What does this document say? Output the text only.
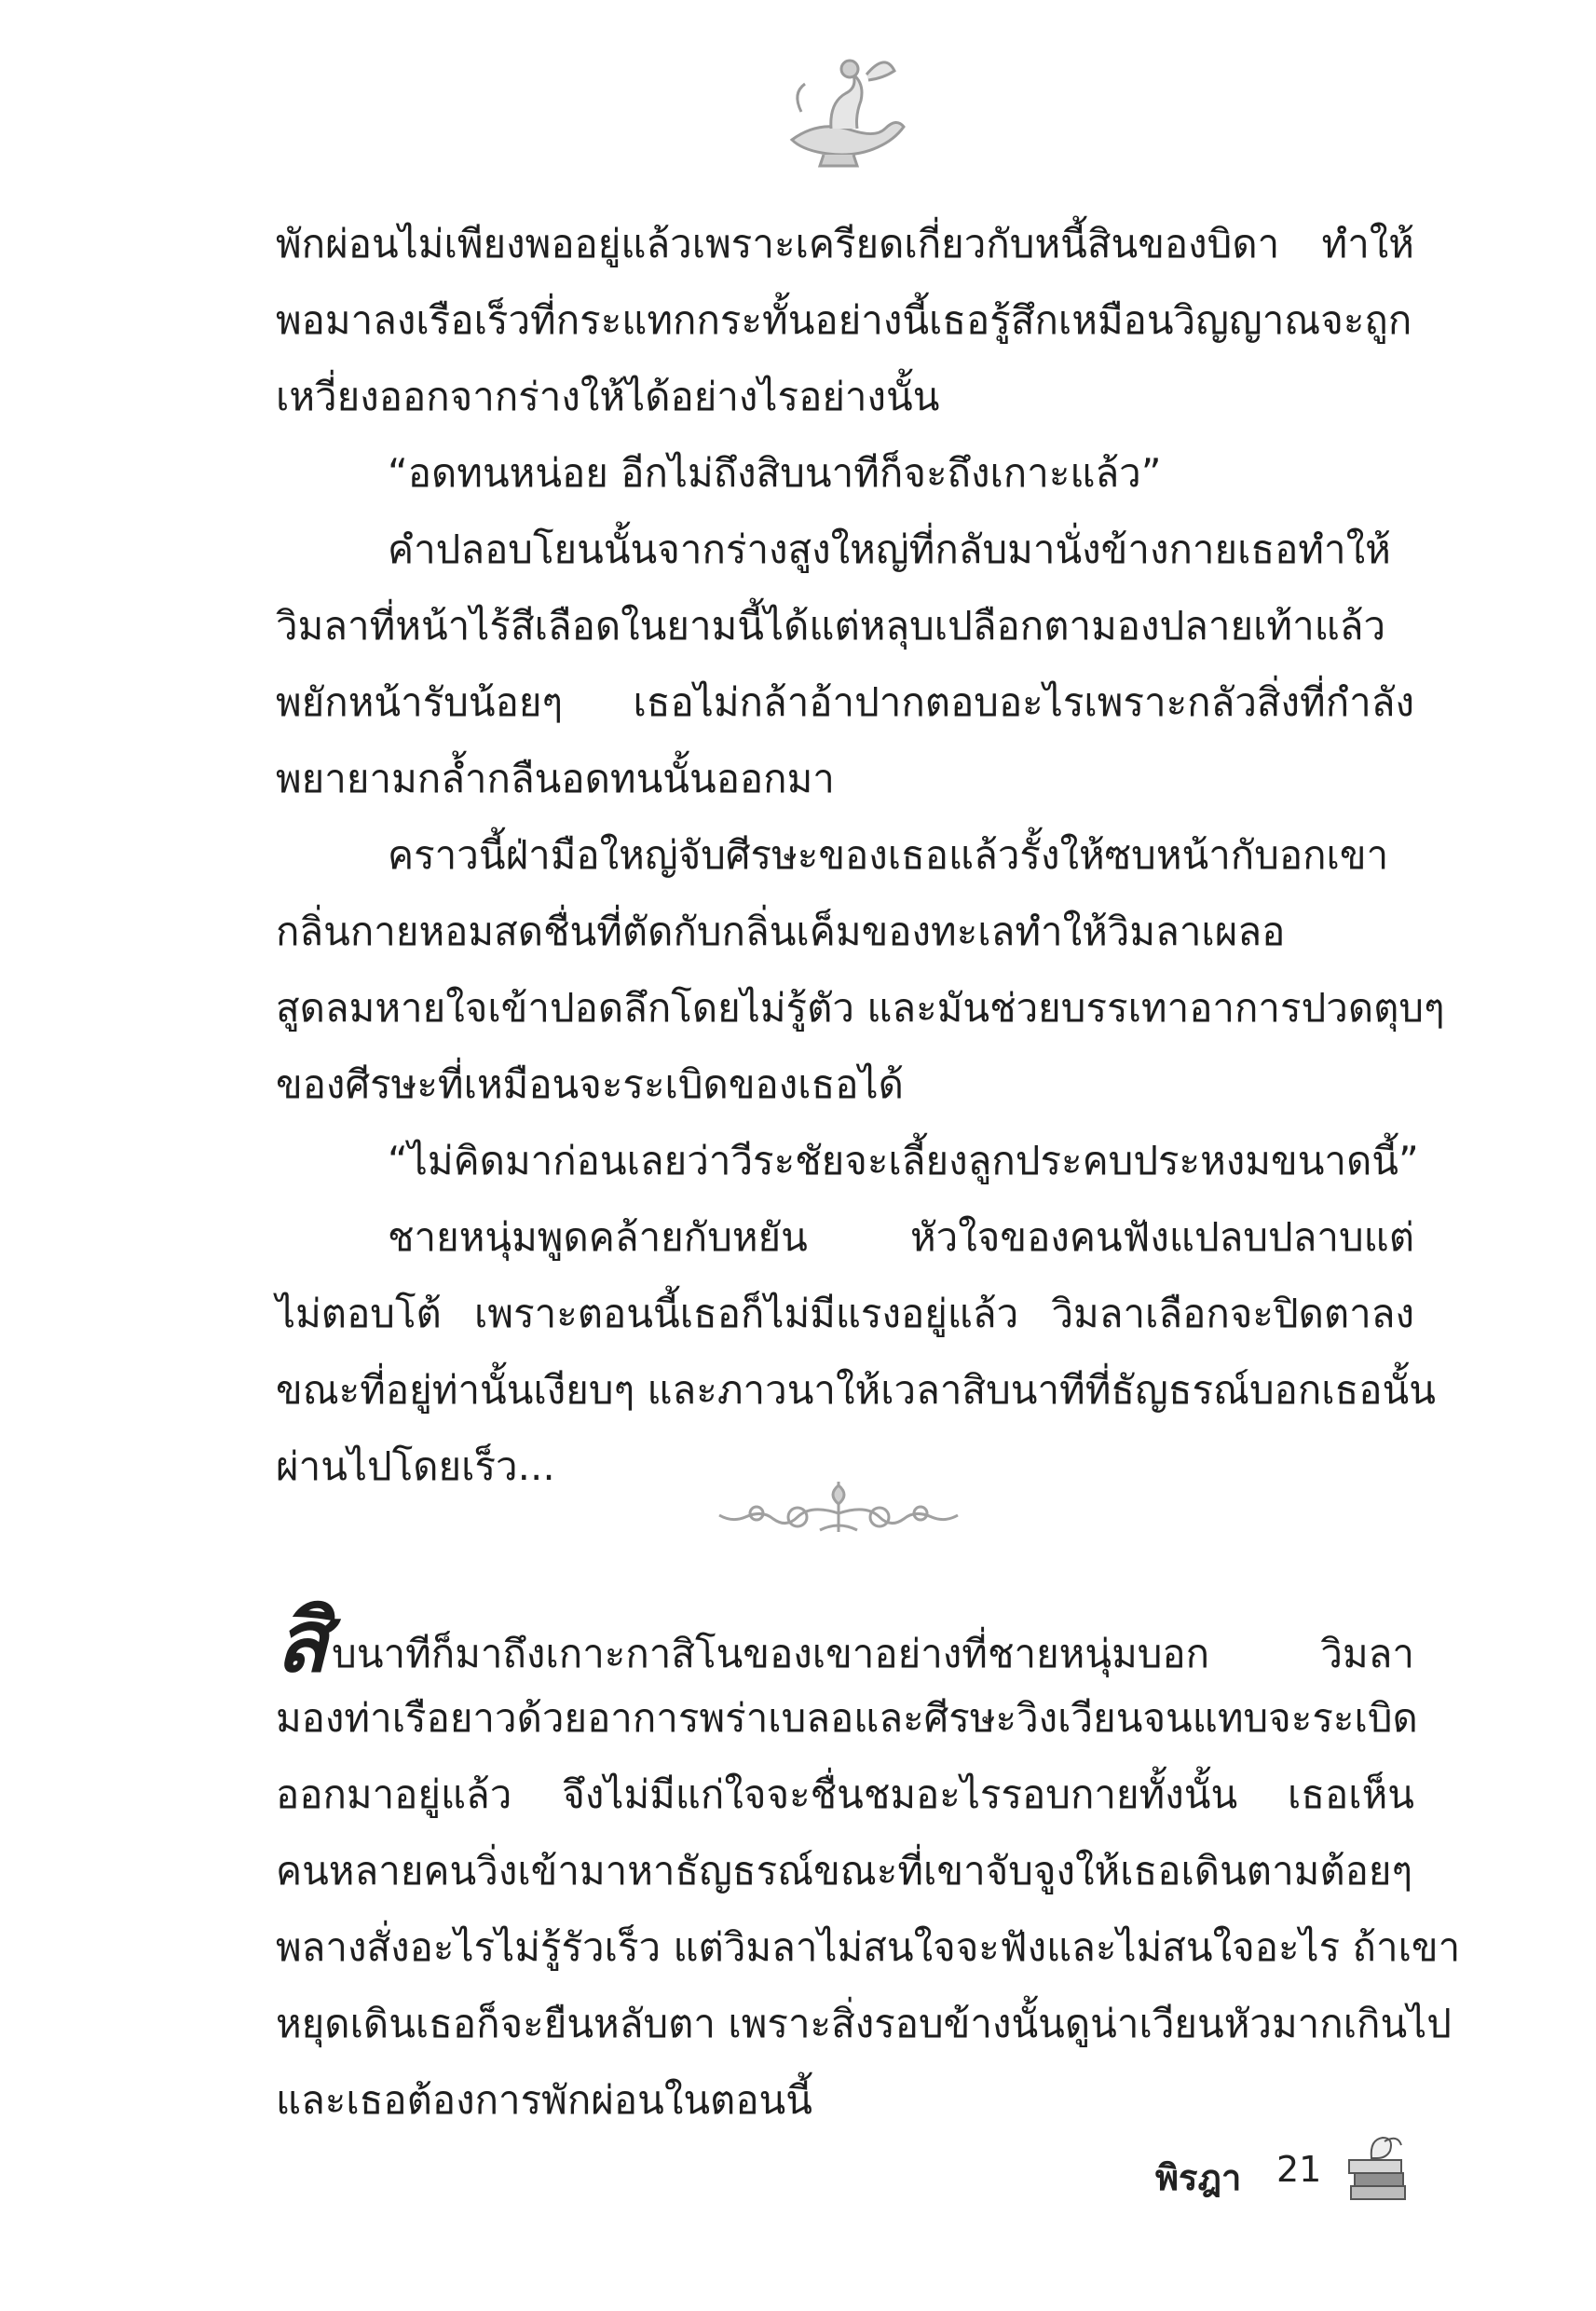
พักผ่อนไม่เพียงพออยู่แล้วเพราะเครียดเกี่ยวกับหนี้สินของบิดา ทำให้
พอมาลงเรือเร็วที่กระแทกกระทั้นอย่างนี้เธอรู้สึกเหมือนวิญญาณจะถูก
เหวี่ยงออกจากร่างให้ได้อย่างไรอย่างนั้น
“อดทนหน่อย อีกไม่ถึงสิบนาทีก็จะถึงเกาะแล้ว”
คำปลอบโยนนั้นจากร่างสูงใหญ่ที่กลับมานั่งข้างกายเธอทำให้
วิมลาที่หน้าไร้สีเลือดในยามนี้ได้แต่หลุบเปลือกตามองปลายเท้าแล้ว
พยักหน้ารับน้อยๆ เธอไม่กล้าอ้าปากตอบอะไรเพราะกลัวสิ่งที่กำลัง
พยายามกล้ำกลืนอดทนนั้นออกมา
คราวนี้ฝ่ามือใหญ่จับศีรษะของเธอแล้วรั้งให้ซบหน้ากับอกเขา
กลิ่นกายหอมสดชื่นที่ตัดกับกลิ่นเค็มของทะเลทำให้วิมลาเผลอ
สูดลมหายใจเข้าปอดลึกโดยไม่รู้ตัว และมันช่วยบรรเทาอาการปวดตุบๆ
ของศีรษะที่เหมือนจะระเบิดของเธอได้
“ไม่คิดมาก่อนเลยว่าวีระชัยจะเลี้ยงลูกประคบประหงมขนาดนี้”
ชายหนุ่มพูดคล้ายกับหยัน หัวใจของคนฟังแปลบปลาบแต่
ไม่ตอบโต้ เพราะตอนนี้เธอก็ไม่มีแรงอยู่แล้ว วิมลาเลือกจะปิดตาลง
ขณะที่อยู่ท่านั้นเงียบๆ และภาวนาให้เวลาสิบนาทีที่ธัญธรณ์บอกเธอนั้น
ผ่านไปโดยเร็ว...
สิบนาทีก็มาถึงเกาะกาสิโนของเขาอย่างที่ชายหนุ่มบอก วิมลา
มองท่าเรือยาวด้วยอาการพร่าเบลอและศีรษะวิงเวียนจนแทบจะระเบิด
ออกมาอยู่แล้ว จึงไม่มีแก่ใจจะชื่นชมอะไรรอบกายทั้งนั้น เธอเห็น
คนหลายคนวิ่งเข้ามาหาธัญธรณ์ขณะที่เขาจับจูงให้เธอเดินตามต้อยๆ
พลางสั่งอะไรไม่รู้รัวเร็ว แต่วิมลาไม่สนใจจะฟังและไม่สนใจอะไร ถ้าเขา
หยุดเดินเธอก็จะยืนหลับตา เพราะสิ่งรอบข้างนั้นดูน่าเวียนหัวมากเกินไป
และเธอต้องการพักผ่อนในตอนนี้
พิรฎา 21
